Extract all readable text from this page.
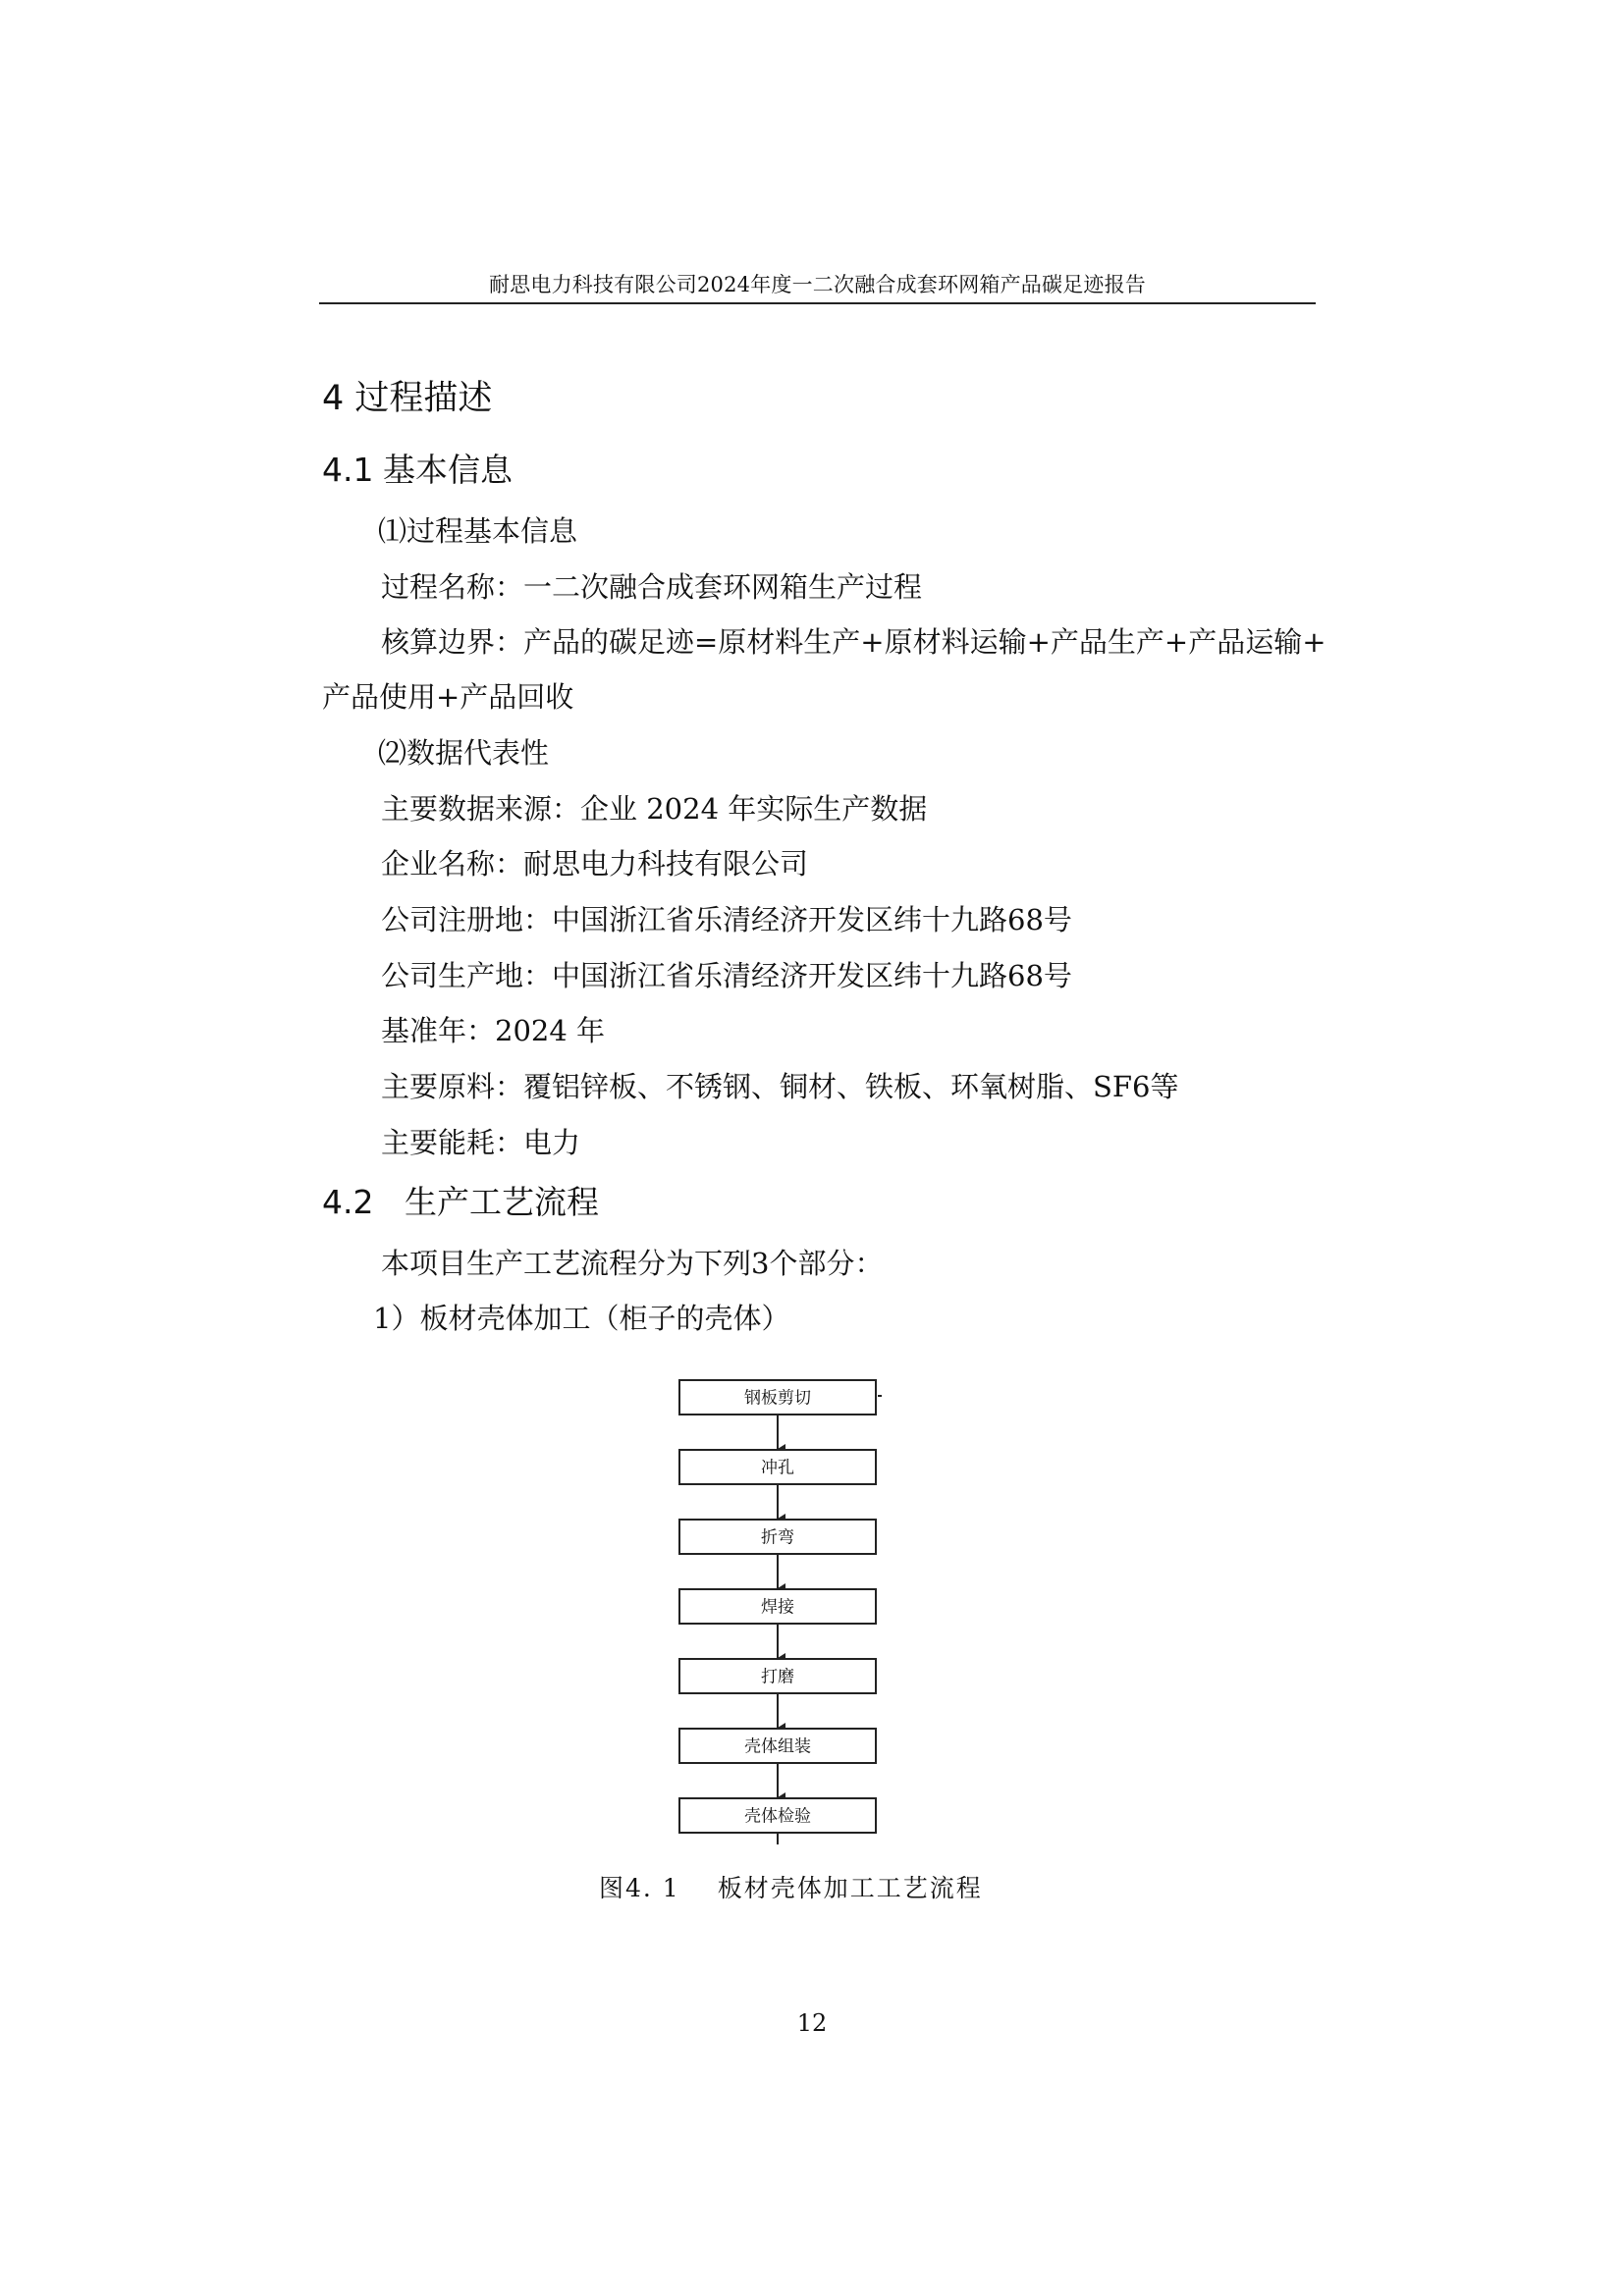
耐思电力科技有限公司2024年度一二次融合成套环网箱产品碳足迹报告
4 过程描述
4.1 基本信息
⑴过程基本信息
过程名称：一二次融合成套环网箱生产过程
核算边界：产品的碳足迹=原材料生产+原材料运输+产品生产+产品运输+
产品使用+产品回收
⑵数据代表性
主要数据来源：企业 2024 年实际生产数据
企业名称：耐思电力科技有限公司
公司注册地：中国浙江省乐清经济开发区纬十九路68号
公司生产地：中国浙江省乐清经济开发区纬十九路68号
基准年：2024 年
主要原料：覆铝锌板、不锈钢、铜材、铁板、环氧树脂、SF6等
主要能耗：电力
4.2 生产工艺流程
本项目生产工艺流程分为下列3个部分：
1）板材壳体加工（柜子的壳体）
钢板剪切
冲孔
折弯
焊接
打磨
壳体组装
壳体检验
图4. 1 板材壳体加工工艺流程
12
